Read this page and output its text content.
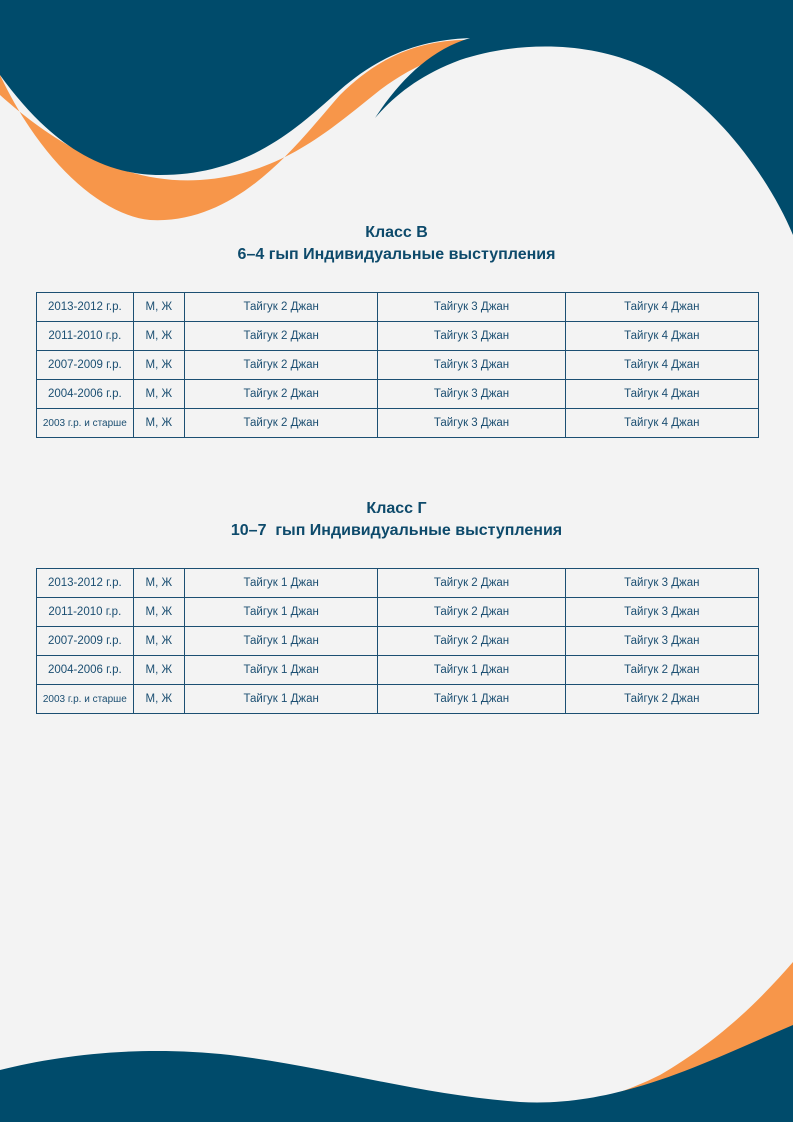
Класс В
6–4 гып Индивидуальные выступления
2013-2012 г.р.	М, Ж	Тайгук 2 Джан	Тайгук 3 Джан	Тайгук 4 Джан
2011-2010 г.р.	М, Ж	Тайгук 2 Джан	Тайгук 3 Джан	Тайгук 4 Джан
2007-2009 г.р.	М, Ж	Тайгук 2 Джан	Тайгук 3 Джан	Тайгук 4 Джан
2004-2006 г.р.	М, Ж	Тайгук 2 Джан	Тайгук 3 Джан	Тайгук 4 Джан
2003 г.р. и старше	М, Ж	Тайгук 2 Джан	Тайгук 3 Джан	Тайгук 4 Джан
Класс Г
10–7  гып Индивидуальные выступления
2013-2012 г.р.	М, Ж	Тайгук 1 Джан	Тайгук 2 Джан	Тайгук 3 Джан
2011-2010 г.р.	М, Ж	Тайгук 1 Джан	Тайгук 2 Джан	Тайгук 3 Джан
2007-2009 г.р.	М, Ж	Тайгук 1 Джан	Тайгук 2 Джан	Тайгук 3 Джан
2004-2006 г.р.	М, Ж	Тайгук 1 Джан	Тайгук 1 Джан	Тайгук 2 Джан
2003 г.р. и старше	М, Ж	Тайгук 1 Джан	Тайгук 1 Джан	Тайгук 2 Джан
